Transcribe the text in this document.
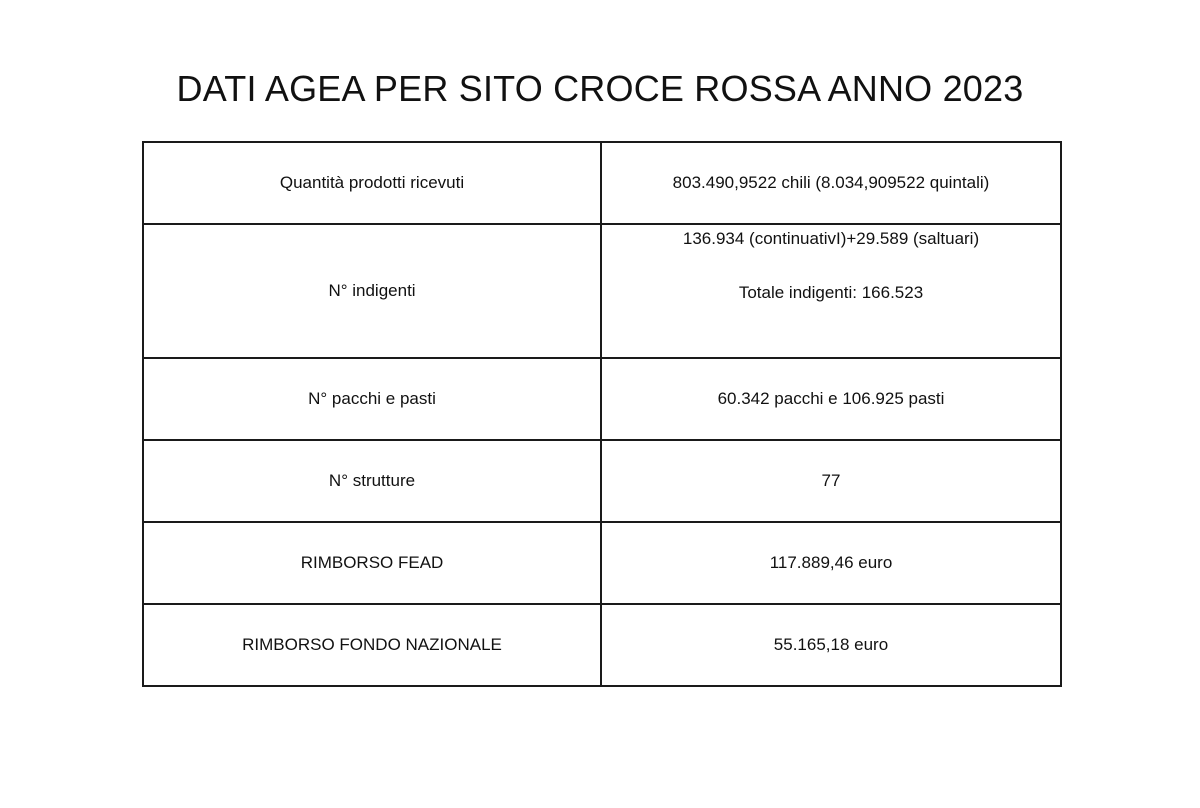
DATI AGEA PER SITO CROCE ROSSA ANNO 2023
Quantità prodotti ricevuti	803.490,9522 chili (8.034,909522 quintali)
N° indigenti	136.934 (continuativI)+29.589 (saltuari)
Totale indigenti: 166.523

N° pacchi e pasti	60.342 pacchi e 106.925 pasti
N° strutture	77
RIMBORSO FEAD	117.889,46 euro
RIMBORSO FONDO NAZIONALE	55.165,18 euro
